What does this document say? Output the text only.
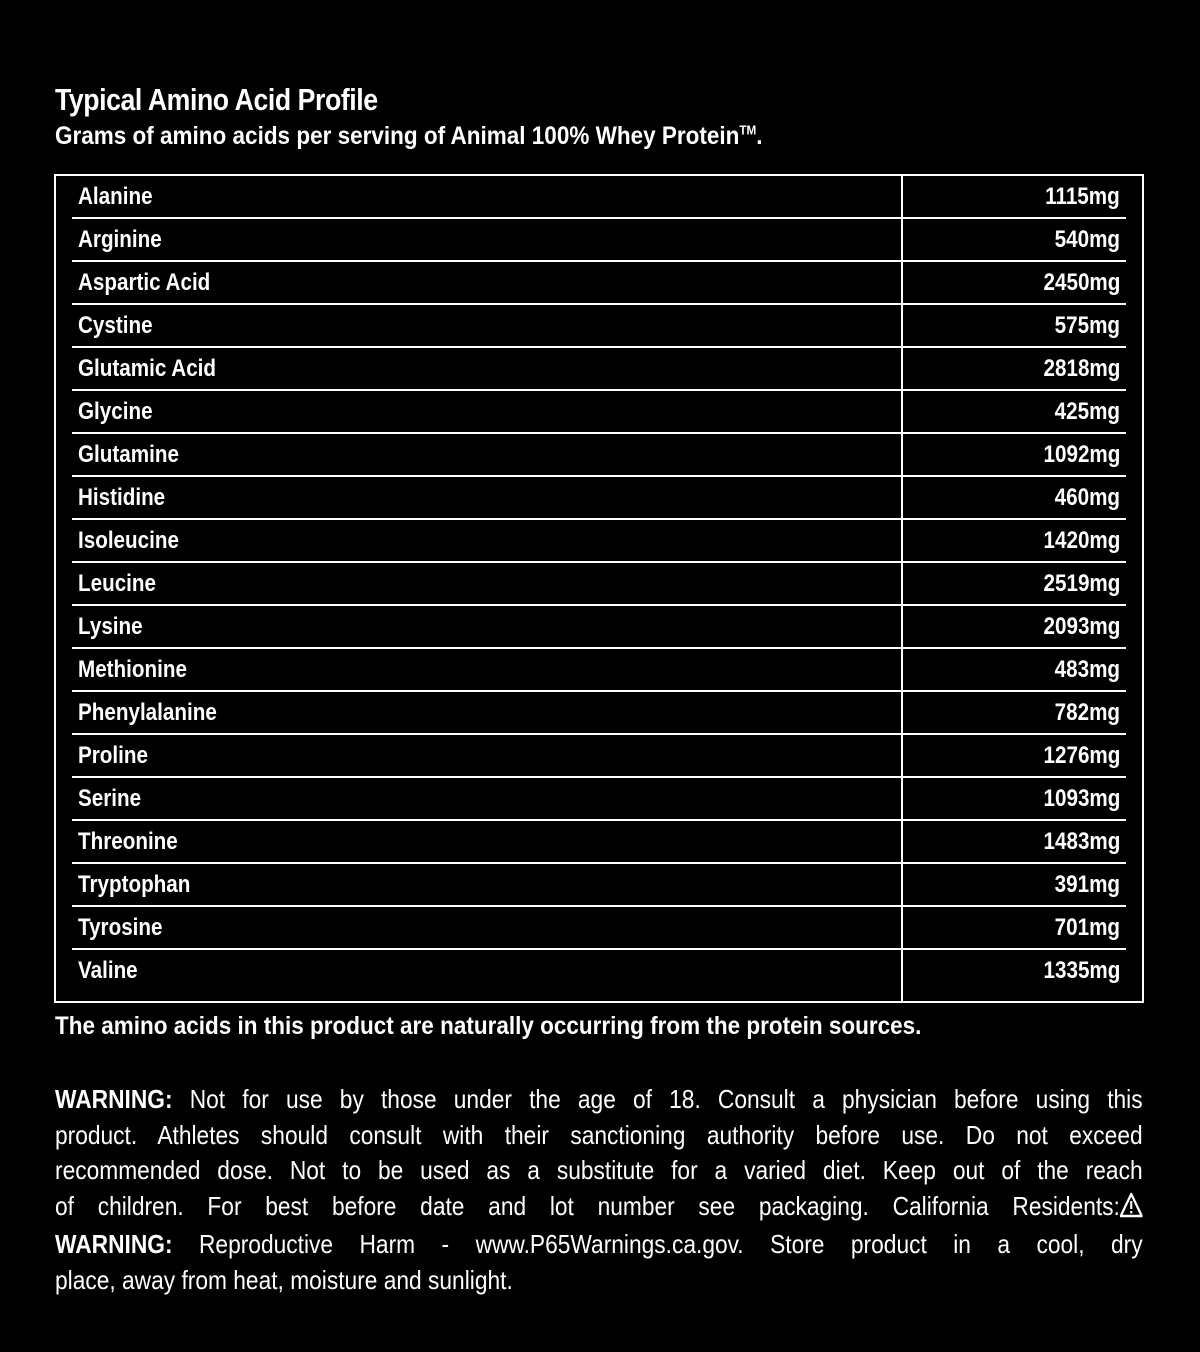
Typical Amino Acid Profile
Grams of amino acids per serving of Animal 100% Whey Protein™.
Alanine	1115mg
Arginine	540mg
Aspartic Acid	2450mg
Cystine	575mg
Glutamic Acid	2818mg
Glycine	425mg
Glutamine	1092mg
Histidine	460mg
Isoleucine	1420mg
Leucine	2519mg
Lysine	2093mg
Methionine	483mg
Phenylalanine	782mg
Proline	1276mg
Serine	1093mg
Threonine	1483mg
Tryptophan	391mg
Tyrosine	701mg
Valine	1335mg
The amino acids in this product are naturally occurring from the protein sources.
WARNING: Not for use by those under the age of 18. Consult a physician before using this
product. Athletes should consult with their sanctioning authority before use. Do not exceed
recommended dose. Not to be used as a substitute for a varied diet. Keep out of the reach
of children. For best before date and lot number see packaging. California Residents:
WARNING: Reproductive Harm - www.P65Warnings.ca.gov. Store product in a cool, dry
place, away from heat, moisture and sunlight.
